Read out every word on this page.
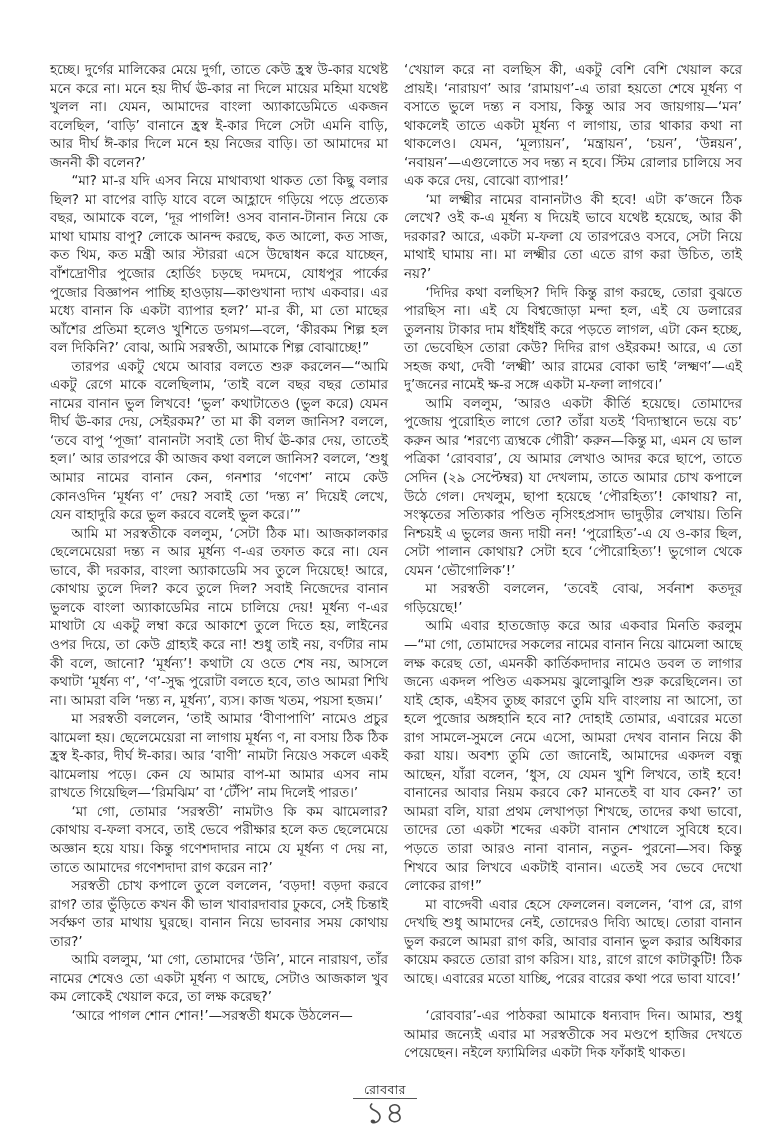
হচ্ছে। দুর্গের মালিকের মেয়ে দুর্গা, তাতে কেউ হ্রস্ব উ-কার যথেষ্ট মনে করে না। মনে হয় দীর্ঘ ঊ-কার না দিলে মায়ের মহিমা যথেষ্ট খুলল না। যেমন, আমাদের বাংলা অ্যাকাডেমিতে একজন বলেছিল, ‘বাড়ি’ বানানে হ্রস্ব ই-কার দিলে সেটা এমনি বাড়ি, আর দীর্ঘ ঈ-কার দিলে মনে হয় নিজের বাড়ি। তা আমাদের মা জননী কী বলেন?’

“মা? মা-র যদি এসব নিয়ে মাথাব্যথা থাকত তো কিছু বলার ছিল? মা বাপের বাড়ি যাবে বলে আহ্লাদে গড়িয়ে পড়ে প্রত্যেক বছর, আমাকে বলে, ‘দূর পাগলি! ওসব বানান-টানান নিয়ে কে মাথা ঘামায় বাপু? লোকে আনন্দ করছে, কত আলো, কত সাজ, কত থিম, কত মন্ত্রী আর স্টাররা এসে উদ্বোধন করে যাচ্ছেন, বাঁশদ্রোণীর পুজোর হোর্ডিং চড়ছে দমদমে, যোধপুর পার্কের পুজোর বিজ্ঞাপন পাচ্ছি হাওড়ায়—কাণ্ডখানা দ্যাখ একবার। এর মধ্যে বানান কি একটা ব্যাপার হল?’ মা-র কী, মা তো মাছের আঁশের প্রতিমা হলেও খুশিতে ডগমগ—বলে, ‘কীরকম শিল্প হল বল দিকিনি?’ বোঝ, আমি সরস্বতী, আমাকে শিল্প বোঝাচ্ছে!”

তারপর একটু থেমে আবার বলতে শুরু করলেন—“আমি একটু রেগে মাকে বলেছিলাম, ‘তাই বলে বছর বছর তোমার নামের বানান ভুল লিখবে! ‘ভুল’ কথাটাতেও (ভুল করে) যেমন দীর্ঘ ঊ-কার দেয়, সেইরকম?’ তা মা কী বলল জানিস? বললে, ‘তবে বাপু ‘পূজা’ বানানটা সবাই তো দীর্ঘ ঊ-কার দেয়, তাতেই হল।’ আর তারপরে কী আজব কথা বললে জানিস? বললে, ‘শুধু আমার নামের বানান কেন, গনশার ‘গণেশ’ নামে কেউ কোনওদিন ‘মূর্ধন্য ণ’ দেয়? সবাই তো ‘দন্ত্য ন’ দিয়েই লেখে, যেন বাহাদুরি করে ভুল করবে বলেই ভুল করে।’”

আমি মা সরস্বতীকে বললুম, ‘সেটা ঠিক মা। আজকালকার ছেলেমেয়েরা দন্ত্য ন আর মূর্ধন্য ণ-এর তফাত করে না। যেন ভাবে, কী দরকার, বাংলা অ্যাকাডেমি সব তুলে দিয়েছে! আরে, কোথায় তুলে দিল? কবে তুলে দিল? সবাই নিজেদের বানান ভুলকে বাংলা অ্যাকাডেমির নামে চালিয়ে দেয়! মূর্ধন্য ণ-এর মাথাটা যে একটু লম্বা করে আকাশে তুলে দিতে হয়, লাইনের ওপর দিয়ে, তা কেউ গ্রাহ্যই করে না! শুধু তাই নয়, বর্ণটার নাম কী বলে, জানো? ‘মূর্ধন্য’! কথাটা যে ওতে শেষ নয়, আসলে কথাটা ‘মূর্ধন্য ণ’, ‘ণ’-সুদ্ধ পুরোটা বলতে হবে, তাও আমরা শিখি না। আমরা বলি ‘দন্ত্য ন, মূর্ধন্য’, ব্যস। কাজ খতম, পয়সা হজম।’

মা সরস্বতী বললেন, ‘তাই আমার ‘বীণাপাণি’ নামেও প্রচুর ঝামেলা হয়। ছেলেমেয়েরা না লাগায় মূর্ধন্য ণ, না বসায় ঠিক ঠিক হ্রস্ব ই-কার, দীর্ঘ ঈ-কার। আর ‘বাণী’ নামটা নিয়েও সকলে একই ঝামেলায় পড়ে। কেন যে আমার বাপ-মা আমার এসব নাম রাখতে গিয়েছিল—‘রিমঝিম’ বা ‘টেঁপি’ নাম দিলেই পারত।’

‘মা গো, তোমার ‘সরস্বতী’ নামটাও কি কম ঝামেলার? কোথায় ব-ফলা বসবে, তাই ভেবে পরীক্ষার হলে কত ছেলেমেয়ে অজ্ঞান হয়ে যায়। কিন্তু গণেশদাদার নামে যে মূর্ধন্য ণ দেয় না, তাতে আমাদের গণেশদাদা রাগ করেন না?’

সরস্বতী চোখ কপালে তুলে বললেন, ‘বড়দা! বড়দা করবে রাগ? তার ভুঁড়িতে কখন কী ভাল খাবারদাবার ঢুকবে, সেই চিন্তাই সর্বক্ষণ তার মাথায় ঘুরছে। বানান নিয়ে ভাবনার সময় কোথায় তার?’

আমি বললুম, ‘মা গো, তোমাদের ‘উনি’, মানে নারায়ণ, তাঁর নামের শেষেও তো একটা মূর্ধন্য ণ আছে, সেটাও আজকাল খুব কম লোকেই খেয়াল করে, তা লক্ষ করেছ?’

‘আরে পাগল শোন শোন!’—সরস্বতী ধমকে উঠলেন—

‘খেয়াল করে না বলছিস কী, একটু বেশি বেশি খেয়াল করে প্রায়ই। ‘নারায়ণ’ আর ‘রামায়ণ’-এ তারা হয়তো শেষে মূর্ধন্য ণ বসাতে ভুলে দন্ত্য ন বসায়, কিন্তু আর সব জায়গায়—‘মন’ থাকলেই তাতে একটা মূর্ধন্য ণ লাগায়, তার থাকার কথা না থাকলেও। যেমন, ‘মূল্যায়ন’, ‘মন্ত্রায়ন’, ‘চয়ন’, ‘উন্নয়ন’, ‘নবায়ন’—এগুলোতে সব দন্ত্য ন হবে। স্টিম রোলার চালিয়ে সব এক করে দেয়, বোঝো ব্যাপার!’

‘মা লক্ষ্মীর নামের বানানটাও কী হবে! এটা ক’জনে ঠিক লেখে? ওই ক-এ মূর্ধন্য ষ দিয়েই ভাবে যথেষ্ট হয়েছে, আর কী দরকার? আরে, একটা ম-ফলা যে তারপরেও বসবে, সেটা নিয়ে মাথাই ঘামায় না। মা লক্ষ্মীর তো এতে রাগ করা উচিত, তাই নয়?’

‘দিদির কথা বলছিস? দিদি কিন্তু রাগ করছে, তোরা বুঝতে পারছিস না। এই যে বিশ্বজোড়া মন্দা হল, এই যে ডলারের তুলনায় টাকার দাম ধাঁইধাঁই করে পড়তে লাগল, এটা কেন হচ্ছে, তা ভেবেছিস তোরা কেউ? দিদির রাগ ওইরকম! আরে, এ তো সহজ কথা, দেবী ‘লক্ষ্মী’ আর রামের বোকা ভাই ‘লক্ষ্মণ’—এই দু’জনের নামেই ক্ষ-র সঙ্গে একটা ম-ফলা লাগবে।’

আমি বললুম, ‘আরও একটা কীর্তি হয়েছে। তোমাদের পুজোয় পুরোহিত লাগে তো? তাঁরা যতই ‘বিদ্যাস্থানে ভয়ে বচ’ করুন আর ‘শরণ্যে ত্র্যম্বকে গৌরী’ করুন—কিন্তু মা, এমন যে ভাল পত্রিকা ‘রোববার’, যে আমার লেখাও আদর করে ছাপে, তাতে সেদিন (২৯ সেপ্টেম্বর) যা দেখলাম, তাতে আমার চোখ কপালে উঠে গেল। দেখলুম, ছাপা হয়েছে ‘পৌরহিত্য’! কোথায়? না, সংস্কৃতের সত্যিকার পণ্ডিত নৃসিংহপ্রসাদ ভাদুড়ীর লেখায়। তিনি নিশ্চয়ই এ ভুলের জন্য দায়ী নন! ‘পুরোহিত’-এ যে ও-কার ছিল, সেটা পালান কোথায়? সেটা হবে ‘পৌরোহিত্য’! ভুগোল থেকে যেমন ‘ভৌগোলিক’!’

মা সরস্বতী বললেন, ‘তবেই বোঝ, সর্বনাশ কতদূর গড়িয়েছে!’

আমি এবার হাতজোড় করে আর একবার মিনতি করলুম—“মা গো, তোমাদের সকলের নামের বানান নিয়ে ঝামেলা আছে লক্ষ করেছ তো, এমনকী কার্তিকদাদার নামেও ডবল ত লাগার জন্যে একদল পণ্ডিত একসময় ঝুলোঝুলি শুরু করেছিলেন। তা যাই হোক, এইসব তুচ্ছ কারণে তুমি যদি বাংলায় না আসো, তা হলে পুজোর অঙ্গহানি হবে না? দোহাই তোমার, এবারের মতো রাগ সামলে-সুমলে নেমে এসো, আমরা দেখব বানান নিয়ে কী করা যায়। অবশ্য তুমি তো জানোই, আমাদের একদল বন্ধু আছেন, যাঁরা বলেন, ‘ধুস, যে যেমন খুশি লিখবে, তাই হবে! বানানের আবার নিয়ম করবে কে? মানতেই বা যাব কেন?’ তা আমরা বলি, যারা প্রথম লেখাপড়া শিখছে, তাদের কথা ভাবো, তাদের তো একটা শব্দের একটা বানান শেখালে সুবিধে হবে। পড়তে তারা আরও নানা বানান, নতুন- পুরনো—সব। কিন্তু শিখবে আর লিখবে একটাই বানান। এতেই সব ভেবে দেখো লোকের রাগ!”

মা বাগ্দেবী এবার হেসে ফেললেন। বললেন, ‘বাপ রে, রাগ দেখছি শুধু আমাদের নেই, তোদেরও দিব্যি আছে। তোরা বানান ভুল করলে আমরা রাগ করি, আবার বানান ভুল করার অধিকার কায়েম করতে তোরা রাগ করিস। যাঃ, রাগে রাগে কাটাকুটি! ঠিক আছে। এবারের মতো যাচ্ছি, পরের বারের কথা পরে ভাবা যাবে!’

‘রোববার’-এর পাঠকরা আমাকে ধন্যবাদ দিন। আমার, শুধু আমার জন্যেই এবার মা সরস্বতীকে সব মণ্ডপে হাজির দেখতে পেয়েছেন। নইলে ফ্যামিলির একটা দিক ফাঁকাই থাকত।

রোববার
১৪
